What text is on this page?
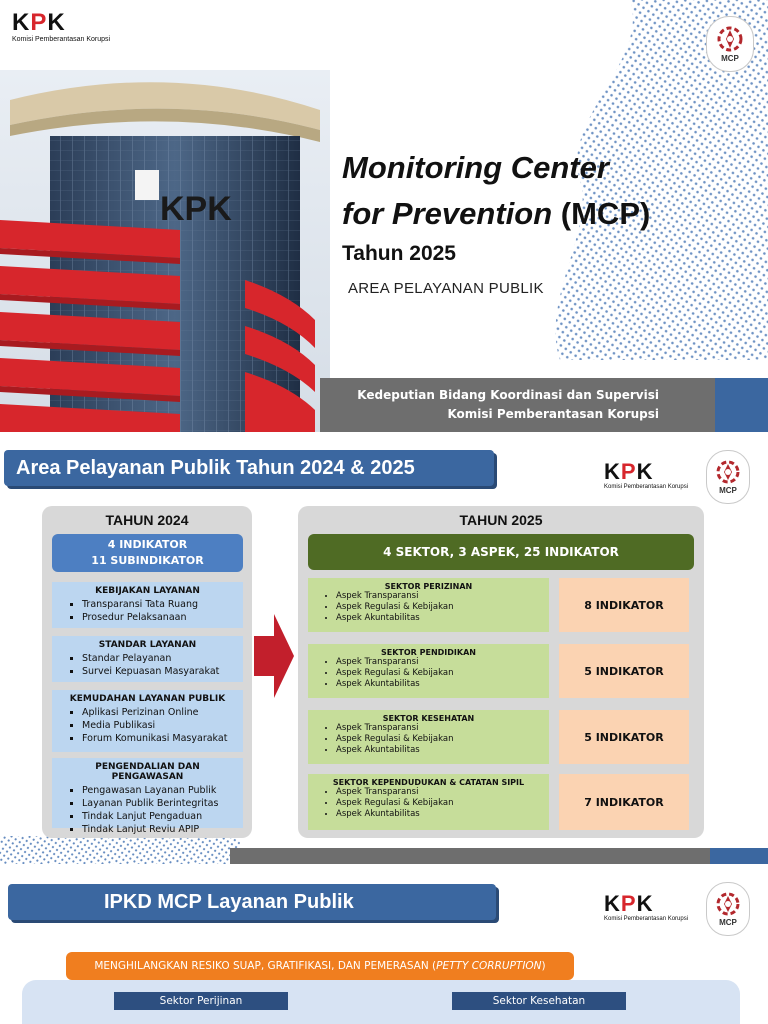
KPK
KPK
Komisi Pemberantasan Korupsi
MCP
Monitoring Center
for Prevention (MCP)
Tahun 2025
AREA PELAYANAN PUBLIK
Kedeputian Bidang Koordinasi dan Supervisi
Komisi Pemberantasan Korupsi
Area Pelayanan Publik Tahun 2024 & 2025	KPK
Komisi Pemberantasan Korupsi	MCP
TAHUN 2024
4 INDIKATOR
11 SUBINDIKATOR
KEBIJAKAN LAYANAN
▪ Transparansi Tata Ruang
▪ Prosedur Pelaksanaan
STANDAR LAYANAN
▪ Standar Pelayanan
▪ Survei Kepuasan Masyarakat
KEMUDAHAN LAYANAN PUBLIK
▪ Aplikasi Perizinan Online
▪ Media Publikasi
▪ Forum Komunikasi Masyarakat
PENGENDALIAN DAN PENGAWASAN
▪ Pengawasan Layanan Publik
▪ Layanan Publik Berintegritas
▪ Tindak Lanjut Pengaduan
▪ Tindak Lanjut Reviu APIP
TAHUN 2025
4 SEKTOR, 3 ASPEK, 25 INDIKATOR
SEKTOR PERIZINAN
• Aspek Transparansi
• Aspek Regulasi & Kebijakan
• Aspek Akuntabilitas
8 INDIKATOR
SEKTOR PENDIDIKAN
• Aspek Transparansi
• Aspek Regulasi & Kebijakan
• Aspek Akuntabilitas
5 INDIKATOR
SEKTOR KESEHATAN
• Aspek Transparansi
• Aspek Regulasi & Kebijakan
• Aspek Akuntabilitas
5 INDIKATOR
SEKTOR KEPENDUDUKAN & CATATAN SIPIL
• Aspek Transparansi
• Aspek Regulasi & Kebijakan
• Aspek Akuntabilitas
7 INDIKATOR
IPKD MCP Layanan Publik	KPK
Komisi Pemberantasan Korupsi	MCP
MENGHILANGKAN RESIKO SUAP, GRATIFIKASI, DAN PEMERASAN (PETTY CORRUPTION)
Sektor Perijinan	Sektor Kesehatan
